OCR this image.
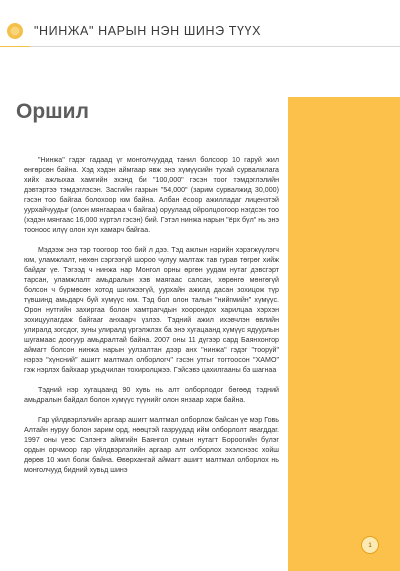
"НИНЖА" НАРЫН НЭН ШИНЭ ТҮҮХ
Оршил

"Нинжа" гэдэг гадаад үг монголчуудад танил болсоор 10 гаруй жил өнгөрсөн байна. Хэд хэдэн аймгаар явж энэ хүмүүсийн тухай сурвалжлага хийх ажлыхаа хамгийн эхэнд би "100,000" гэсэн тоог тэмдэглэлийн дэвтэртээ тэмдэглэсэн. Засгийн газрын "54,000" (зарим сурвалжид 30,000) гэсэн тоо байгаа болохоор юм байна. Албан ёсоор ажилладаг лицензтэй уурхайчуудыг (олон мянгаараа ч байгаа) оруулаад ойролцоогоор нэгдсэн тоо (хэдэн мянгаас 16,000 хүртэл гэсэн) бий. Гэтэл нинжа нарын "ёрх бүл" нь энэ тооноос илүү олон хүн хамарч байгаа.

Мэдээж энэ тэр тоогоор тоо бий л дээ. Тэд ажлын нэрийн хэрэгжүүлэгч юм, уламжлалт, нөхөн сэргээгүй шороо чулуу малтаж тав гурав төгрөг хийж байдаг үе. Тэгээд ч нинжа нар Монгол орны өргөн уудам нутаг дэвсгэрт тарсан, уламжлалт амьдралын хэв маягаас салсан, хөрөнгө мөнгөгүй болсон ч бүрмөсөн хотод шилжээгүй, уурхайн ажилд дасан зохицож түр түвшинд амьдарч буй хүмүүс юм. Тэд бол олон талын "нийгмийн" хүмүүс. Орон нутгийн захиргаа болон хамтрагчдын хоорондох харилцаа хэрхэн зохицуулагдаж байгааг анхаарч үзлээ. Тэдний ажил ихэвчлэн өвлийн улиралд зогсдог, зуны улиралд үргэлжлэх ба энэ хугацаанд хүмүүс ядуурлын шугамаас доогуур амьдралтай байна. 2007 оны 11 дүгээр сард Баянхонгор аймагт болсон нинжа нарын уулзалтан дээр анх "нинжа" гэдэг "тооруй" нэрээ "хүнсний" ашигт малтмал олборлогч" гэсэн утгыг тогтоосон "ХАМО" гэж нэрлэх байхаар урьдчилан тохиролцжээ. Гэйсэвэ цахилгааны бэ шагнаа

Тэдний нэр хугацаанд 90 хувь нь алт олборлодог бөгөөд тэдний амьдралын байдал болон хүмүүс түүнийг олон янзаар харж байна.

Гар үйлдвэрлэлийн аргаар ашигт малтмал олборлож байсан үе мэр Говь Алтайн нуруу болон зарим орд, нөөцтэй газруудад ийм олборлолт явагддаг. 1997 оны үеэс Сэлэнгэ аймгийн Баянгол сумын нутагт Бороогийн бүлэг ордын орчмоор гар үйлдвэрлэлийн аргаар алт олборлох эхэлснээс хойш дөрөв 10 жил болж байна. Өвөрхангай аймагт ашигт малтмал олборлох нь монголчууд бидний хувьд шинэ

1
